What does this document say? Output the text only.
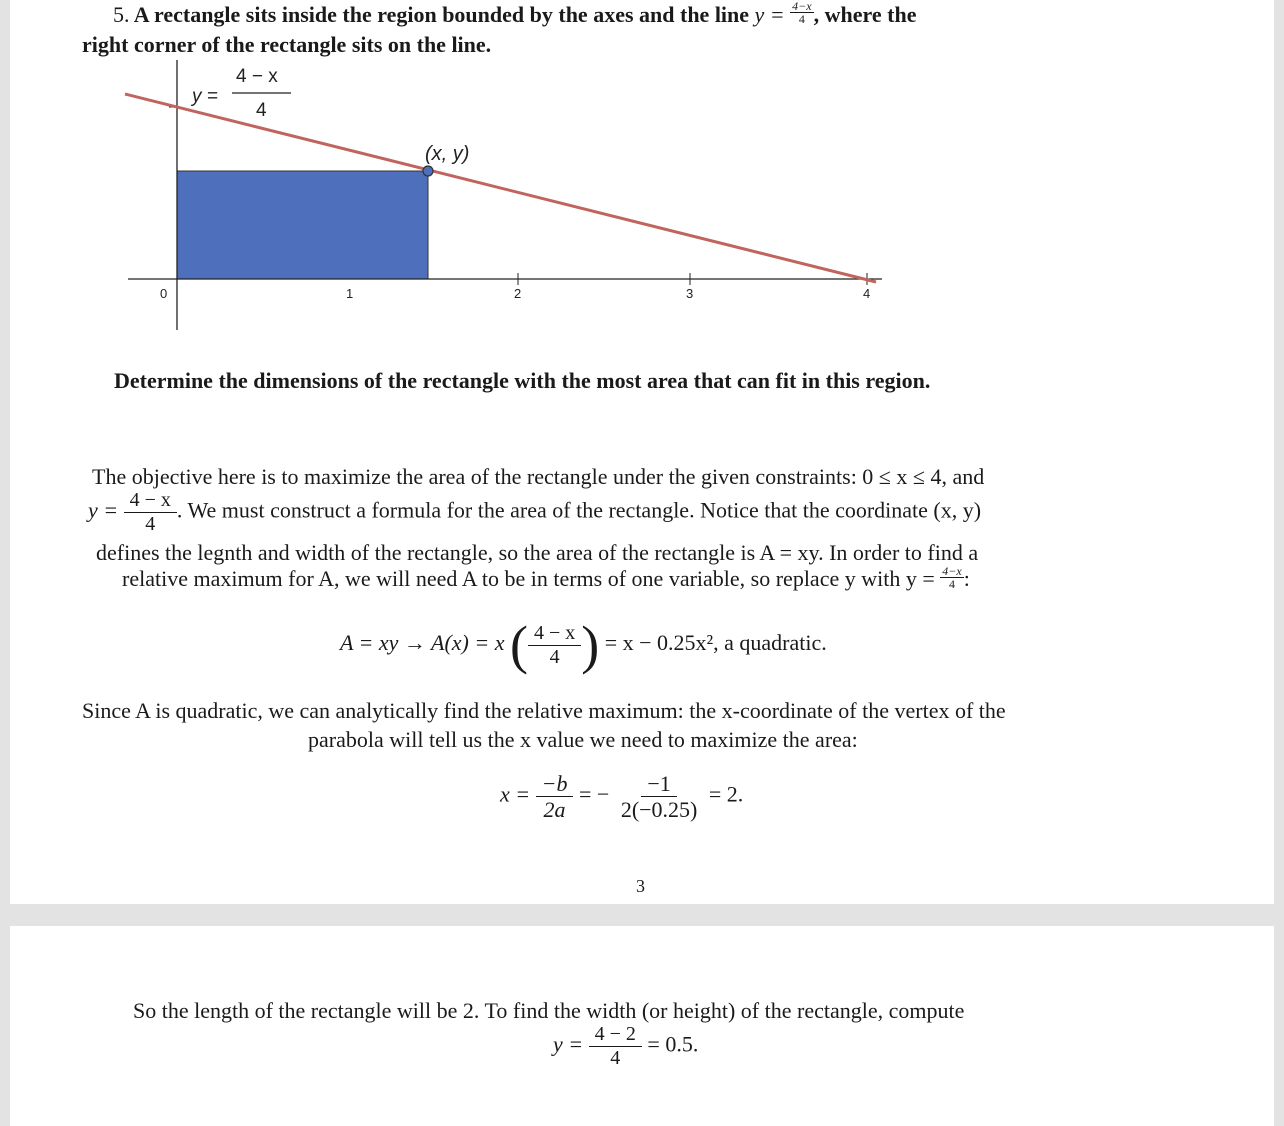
5. A rectangle sits inside the region bounded by the axes and the line $y = \frac{4-x}{4}$ , where the
right corner of the rectangle sits on the line.
0	1	2	3	4
y =
4 − x
4
(x, y)
Determine the dimensions of the rectangle with the most area that can fit in this region.
The objective here is to maximize the area of the rectangle under the given constraints: 0 ≤ x ≤ 4, and
$y = \frac{4 - x}{4}$ . We must construct a formula for the area of the rectangle. Notice that the coordinate (x, y)
defines the legnth and width of the rectangle, so the area of the rectangle is A = xy. In order to find a
relative maximum for A, we will need A to be in terms of one variable, so replace y with $y = \frac{4-x}{4}$ :
A = xy → A(x) = x ( $\frac{4 - x}{4}$ ) = x − 0.25x², a quadratic.
Since A is quadratic, we can analytically find the relative maximum: the x-coordinate of the vertex of the
parabola will tell us the x value we need to maximize the area:
$x = \frac{-b}{2a}$ = − $\frac{-1}{2(-0.25)} = 2$.
3
So the length of the rectangle will be 2. To find the width (or height) of the rectangle, compute
$y = \frac{4 - 2}{4} = 0.5$.
